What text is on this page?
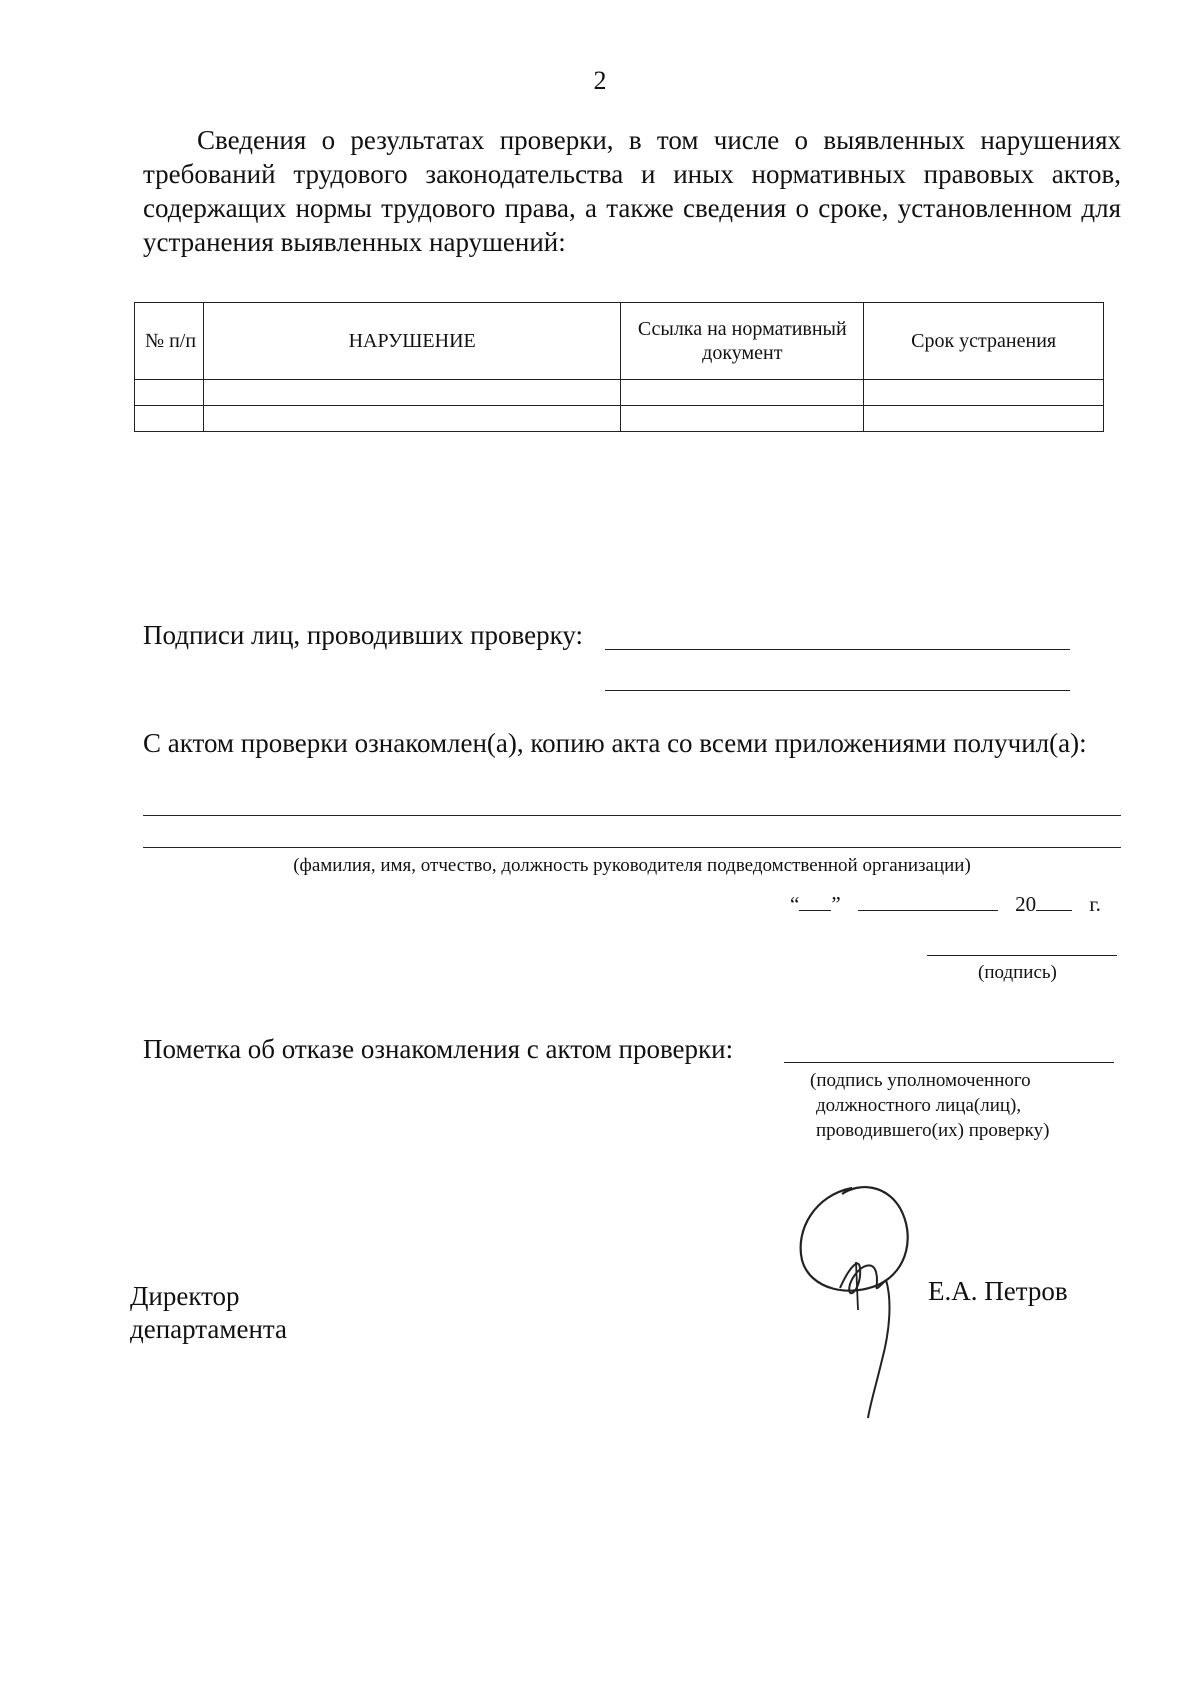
2

Сведения о результатах проверки, в том числе о выявленных нарушениях требований трудового законодательства и иных нормативных правовых актов, содержащих нормы трудового права, а также сведения о сроке, установленном для устранения выявленных нарушений:

№ п/п	НАРУШЕНИЕ	Ссылка на нормативный документ	Срок устранения

Подписи лиц, проводивших проверку:

С актом проверки ознакомлен(а), копию акта со всеми приложениями получил(а):

(фамилия, имя, отчество, должность руководителя подведомственной организации)
“ ”	20	г.
(подпись)
Пометка об отказе ознакомления с актом проверки:
(подпись уполномоченного
должностного лица(лиц),
проводившего(их) проверку)
Директор
департамента
Е.А. Петров
